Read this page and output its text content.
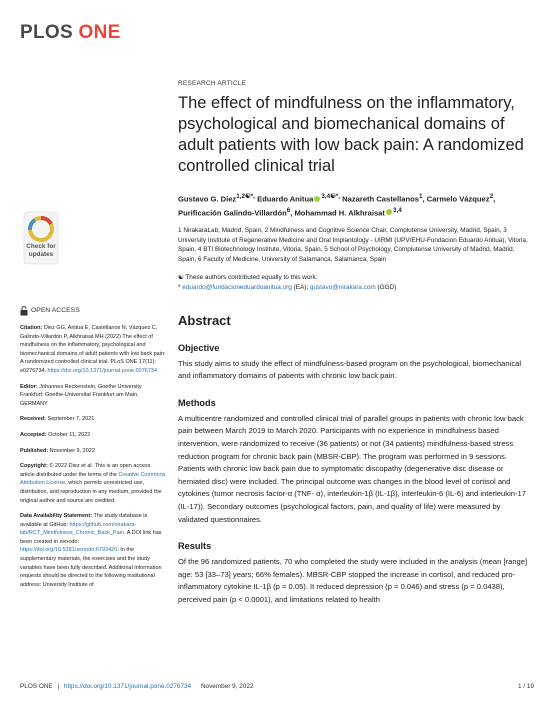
PLOS ONE
Check for
updates
RESEARCH ARTICLE
The effect of mindfulness on the inflammatory, psychological and biomechanical domains of adult patients with low back pain: A randomized controlled clinical trial
Gustavo G. Diez$^{1,2☯*,}$ Eduardo Anitua $^{3,4☯*,}$ Nazareth Castellanos$^1$, Carmelo Vázquez$^2$, Purificación Galindo-Villardón$^6$, Mohammad H. Alkhraisat $^{3,4}$
1 NirakaraLab, Madrid, Spain, 2 Mindfulness and Cognitive Science Chair, Complutense University, Madrid, Spain, 3 University Institute of Regenerative Medicine and Oral Implantology - UIRMI (UPV/EHU-Fundacion Eduardo Anitua), Vitoria, Spain, 4 BTI Biotechnology Institute, Vitoria, Spain, 5 School of Psychology, Complutense University of Madrid, Madrid, Spain, 6 Faculty of Medicine, University of Salamanca, Salamanca, Spain
☯ These authors contributed equally to this work.
* eduardo@fundacioneduardoanitua.org (EA); gustavo@nirakara.com (GGD)
Abstract
Objective

This study aims to study the effect of mindfulness-based program on the psychological, biomechanical and inflammatory domains of patients with chronic low back pain.

Methods

A multicentre randomized and controlled clinical trial of parallel groups in patients with chronic low back pain between March 2019 to March 2020. Participants with no experience in mindfulness based intervention, were randomized to receive (36 patients) or not (34 patients) mindfulness-based stress reduction program for chronic back pain (MBSR-CBP). The program was performed in 9 sessions. Patients with chronic low back pain due to symptomatic discopathy (degenerative disc disease or herniated disc) were included. The principal outcome was changes in the blood level of cortisol and cytokines (tumor necrosis factor-α (TNF- α), interleukin-1β (IL-1β), interleukin-6 (IL-6) and interleukin-17 (IL-17)). Secondary outcomes (psychological factors, pain, and quality of life) were measured by validated questionnaires.

Results

Of the 96 randomized patients, 70 who completed the study were included in the analysis (mean [range] age: 53 [33–73] years; 66% females). MBSR-CBP stopped the increase in cortisol, and reduced pro-inflammatory cytokine IL-1β (p = 0.05). It reduced depression (p = 0.046) and stress (p = 0.0438), perceived pain (p < 0.0001), and limitations related to health

OPEN ACCESS
Citation: Diez GG, Anitua E, Castellanos N, Vázquez C, Galindo-Villardón P, Alkhraisat MH (2022) The effect of mindfulness on the inflammatory, psychological and biomechanical domains of adult patients with low back pain: A randomized controlled clinical trial. PLoS ONE 17(11): e0276734. https://doi.org/10.1371/journal.pone.0276734
Editor: Johannes Reckenstein, Goethe University Frankfurt: Goethe-Universitat Frankfurt am Main, GERMANY
Received: September 7, 2021
Accepted: October 11, 2022
Published: November 9, 2022
Copyright: © 2022 Diez et al. This is an open access article distributed under the terms of the Creative Commons Attribution License, which permits unrestricted use, distribution, and reproduction in any medium, provided the original author and source are credited.
Data Availability Statement: The study database is available at GitHub: https://github.com/nirakara-lab/RCT_Mindfulness_Chronic_Back_Pain. A DOI link has been created in zenodo: https://doi.org/10.5281/zenodo.6793420. In the supplementary materials, the exercises and the study variables have been fully described. Additional information requests should be directed to the following institutional address: University Institute of
PLOS ONE | https://doi.org/10.1371/journal.pone.0276734 November 9, 2022	1 / 19
